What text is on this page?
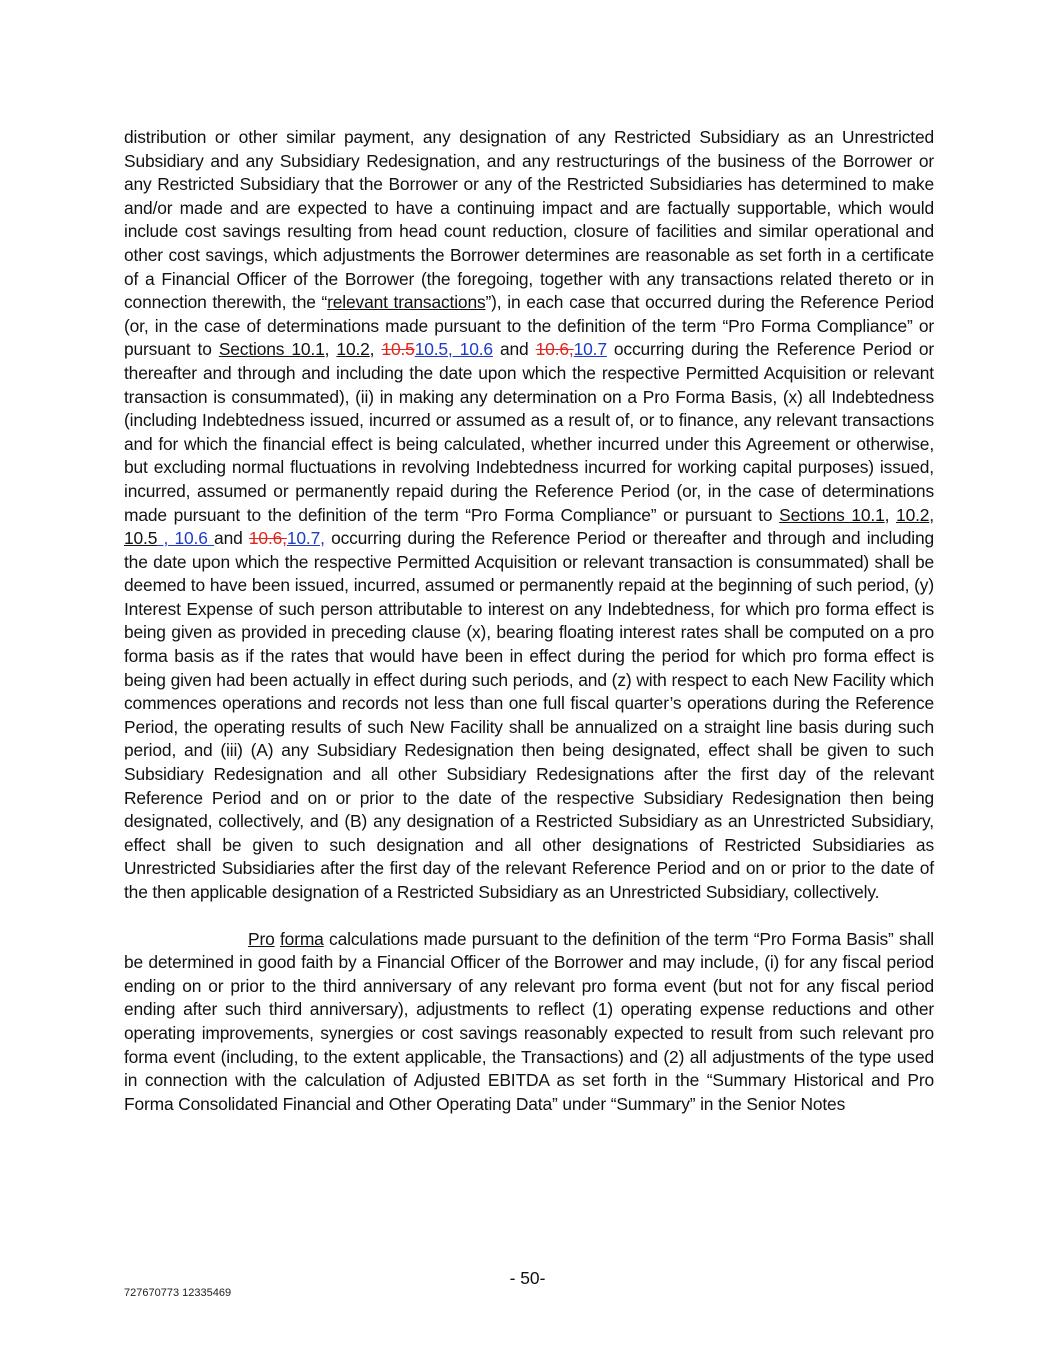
distribution or other similar payment, any designation of any Restricted Subsidiary as an Unrestricted Subsidiary and any Subsidiary Redesignation, and any restructurings of the business of the Borrower or any Restricted Subsidiary that the Borrower or any of the Restricted Subsidiaries has determined to make and/or made and are expected to have a continuing impact and are factually supportable, which would include cost savings resulting from head count reduction, closure of facilities and similar operational and other cost savings, which adjustments the Borrower determines are reasonable as set forth in a certificate of a Financial Officer of the Borrower (the foregoing, together with any transactions related thereto or in connection therewith, the “relevant transactions”), in each case that occurred during the Reference Period (or, in the case of determinations made pursuant to the definition of the term “Pro Forma Compliance” or pursuant to Sections 10.1, 10.2, 10.510.5, 10.6 and 10.6,10.7 occurring during the Reference Period or thereafter and through and including the date upon which the respective Permitted Acquisition or relevant transaction is consummated), (ii) in making any determination on a Pro Forma Basis, (x) all Indebtedness (including Indebtedness issued, incurred or assumed as a result of, or to finance, any relevant transactions and for which the financial effect is being calculated, whether incurred under this Agreement or otherwise, but excluding normal fluctuations in revolving Indebtedness incurred for working capital purposes) issued, incurred, assumed or permanently repaid during the Reference Period (or, in the case of determinations made pursuant to the definition of the term “Pro Forma Compliance” or pursuant to Sections 10.1, 10.2, 10.5 , 10.6 and 10.6,10.7, occurring during the Reference Period or thereafter and through and including the date upon which the respective Permitted Acquisition or relevant transaction is consummated) shall be deemed to have been issued, incurred, assumed or permanently repaid at the beginning of such period, (y) Interest Expense of such person attributable to interest on any Indebtedness, for which pro forma effect is being given as provided in preceding clause (x), bearing floating interest rates shall be computed on a pro forma basis as if the rates that would have been in effect during the period for which pro forma effect is being given had been actually in effect during such periods, and (z) with respect to each New Facility which commences operations and records not less than one full fiscal quarter’s operations during the Reference Period, the operating results of such New Facility shall be annualized on a straight line basis during such period, and (iii) (A) any Subsidiary Redesignation then being designated, effect shall be given to such Subsidiary Redesignation and all other Subsidiary Redesignations after the first day of the relevant Reference Period and on or prior to the date of the respective Subsidiary Redesignation then being designated, collectively, and (B) any designation of a Restricted Subsidiary as an Unrestricted Subsidiary, effect shall be given to such designation and all other designations of Restricted Subsidiaries as Unrestricted Subsidiaries after the first day of the relevant Reference Period and on or prior to the date of the then applicable designation of a Restricted Subsidiary as an Unrestricted Subsidiary, collectively.

Pro forma calculations made pursuant to the definition of the term “Pro Forma Basis” shall be determined in good faith by a Financial Officer of the Borrower and may include, (i) for any fiscal period ending on or prior to the third anniversary of any relevant pro forma event (but not for any fiscal period ending after such third anniversary), adjustments to reflect (1) operating expense reductions and other operating improvements, synergies or cost savings reasonably expected to result from such relevant pro forma event (including, to the extent applicable, the Transactions) and (2) all adjustments of the type used in connection with the calculation of Adjusted EBITDA as set forth in the “Summary Historical and Pro Forma Consolidated Financial and Other Operating Data” under “Summary” in the Senior Notes

- 50-
727670773 12335469
